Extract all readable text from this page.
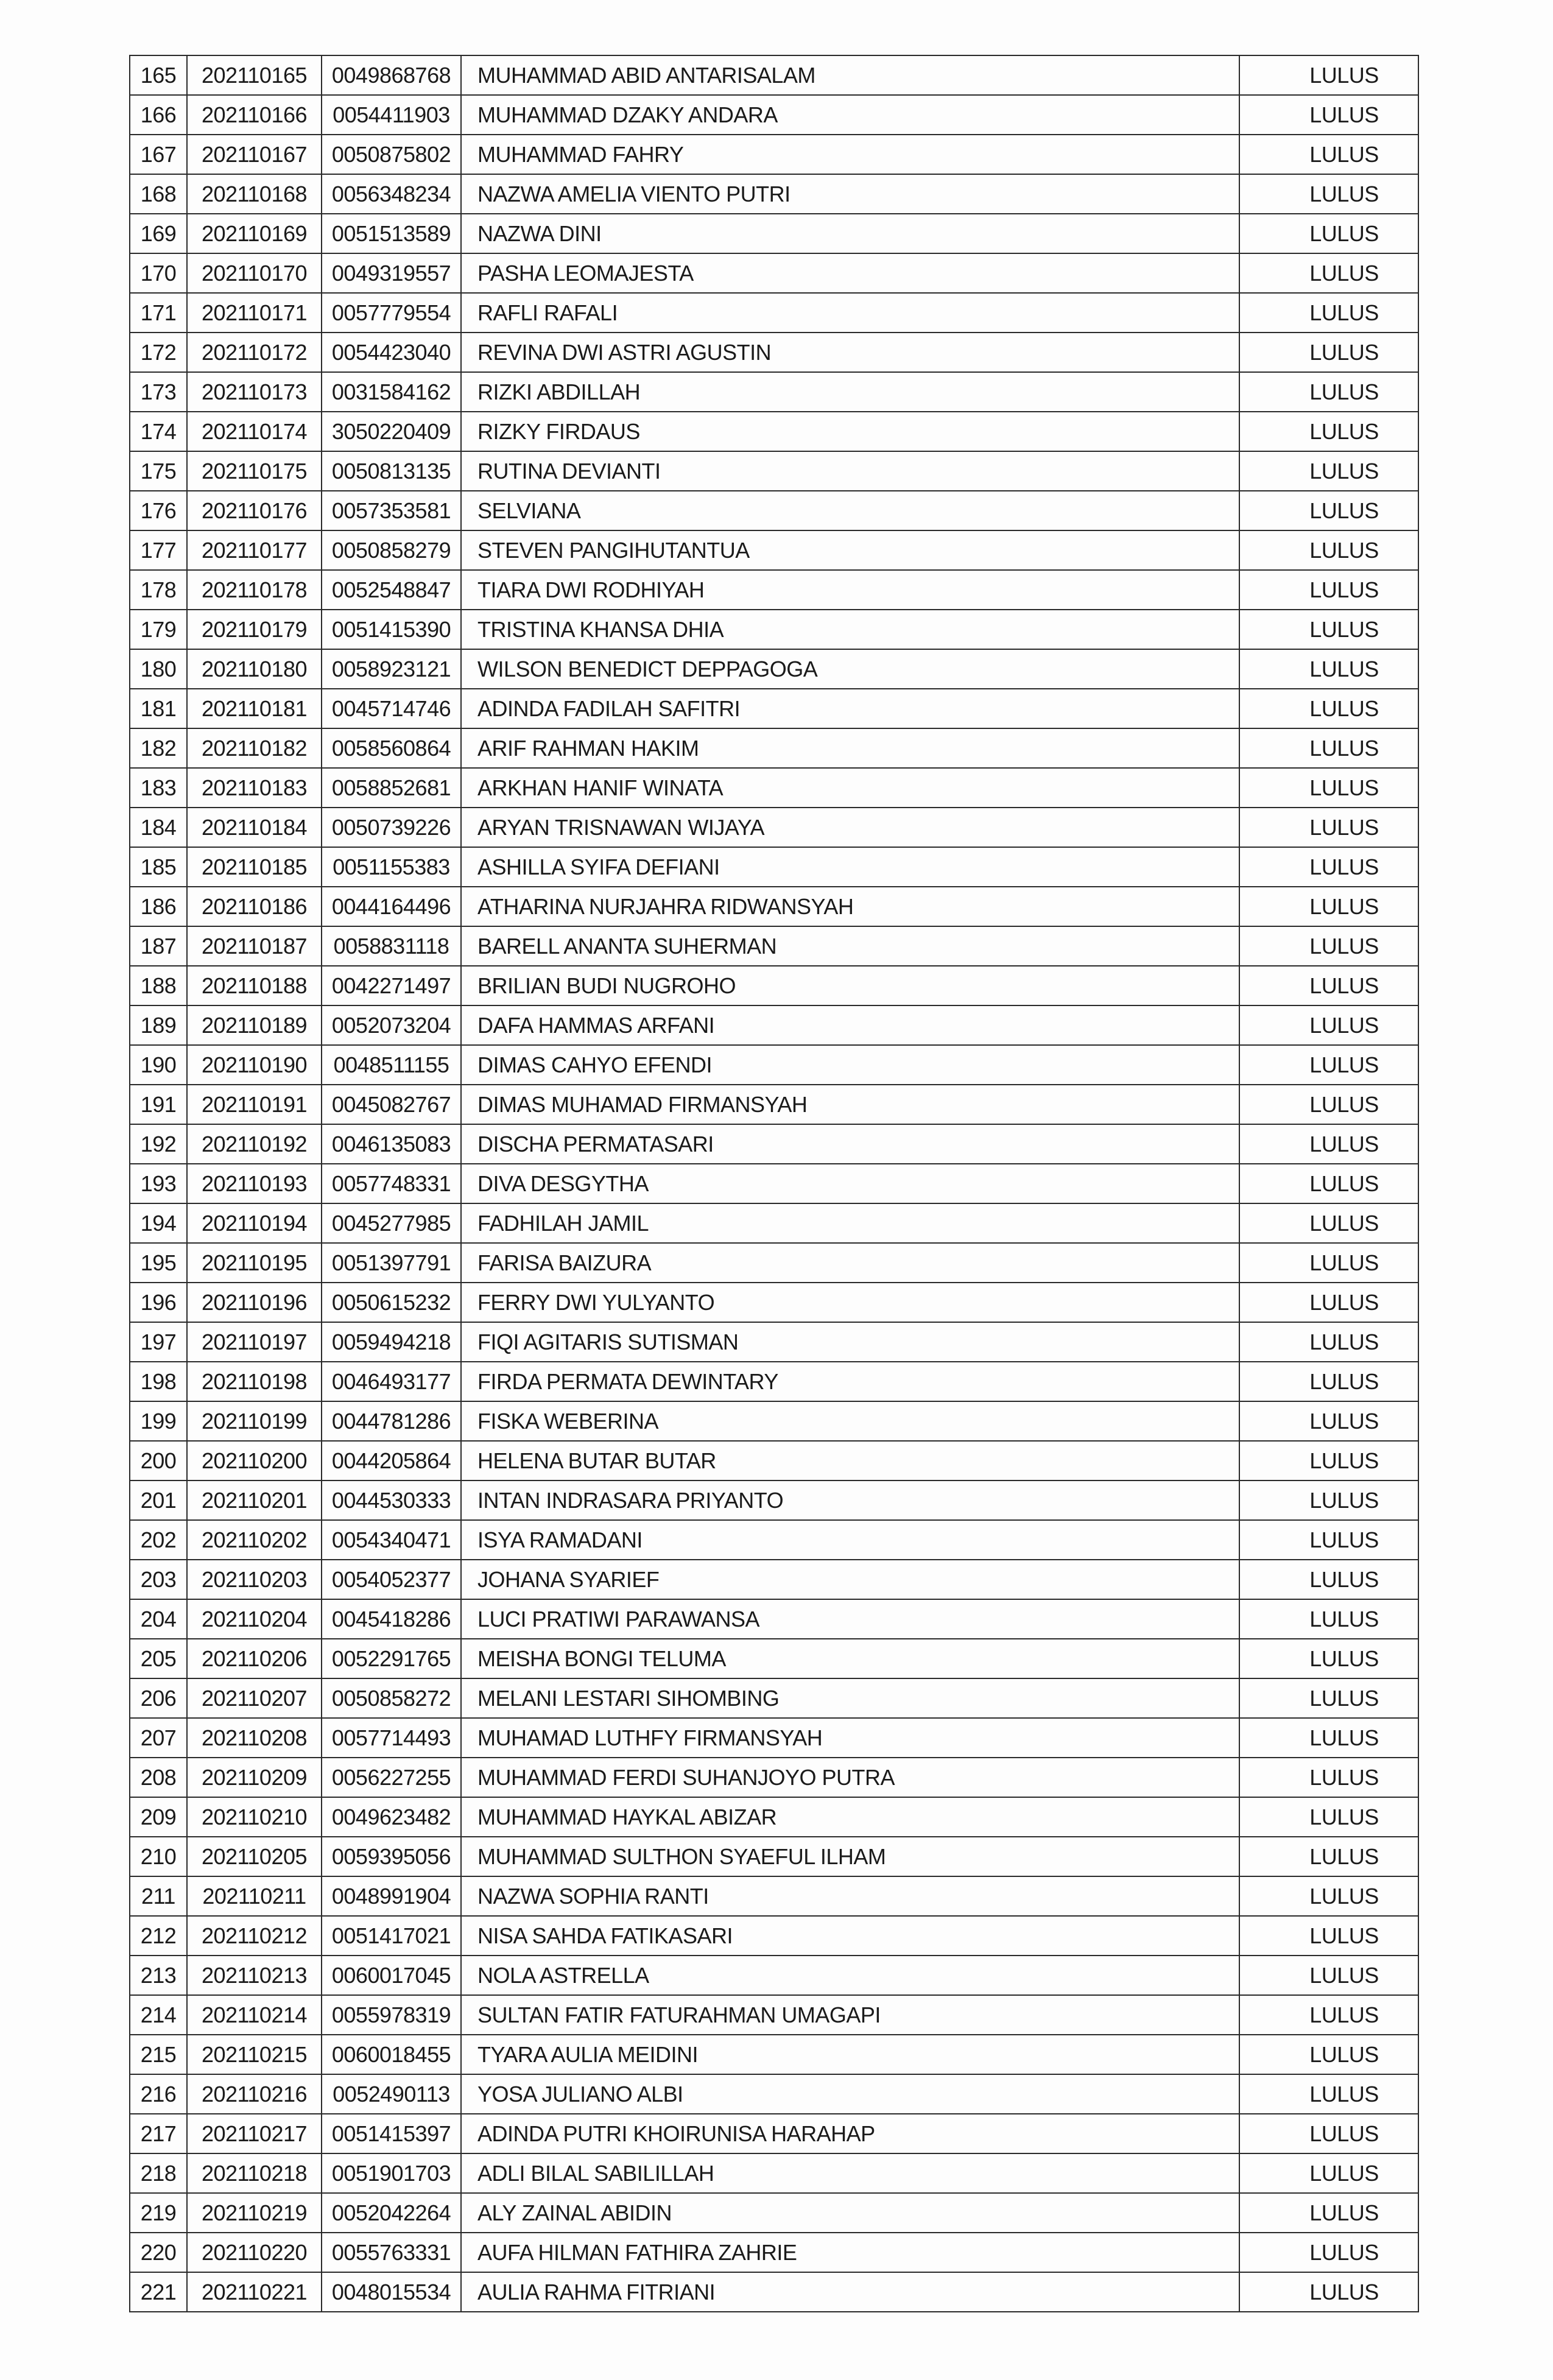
165	202110165	0049868768	MUHAMMAD ABID ANTARISALAM	LULUS
166	202110166	0054411903	MUHAMMAD DZAKY ANDARA	LULUS
167	202110167	0050875802	MUHAMMAD FAHRY	LULUS
168	202110168	0056348234	NAZWA AMELIA VIENTO PUTRI	LULUS
169	202110169	0051513589	NAZWA DINI	LULUS
170	202110170	0049319557	PASHA LEOMAJESTA	LULUS
171	202110171	0057779554	RAFLI RAFALI	LULUS
172	202110172	0054423040	REVINA DWI ASTRI AGUSTIN	LULUS
173	202110173	0031584162	RIZKI ABDILLAH	LULUS
174	202110174	3050220409	RIZKY FIRDAUS	LULUS
175	202110175	0050813135	RUTINA DEVIANTI	LULUS
176	202110176	0057353581	SELVIANA	LULUS
177	202110177	0050858279	STEVEN PANGIHUTANTUA	LULUS
178	202110178	0052548847	TIARA DWI RODHIYAH	LULUS
179	202110179	0051415390	TRISTINA KHANSA DHIA	LULUS
180	202110180	0058923121	WILSON BENEDICT DEPPAGOGA	LULUS
181	202110181	0045714746	ADINDA FADILAH SAFITRI	LULUS
182	202110182	0058560864	ARIF RAHMAN HAKIM	LULUS
183	202110183	0058852681	ARKHAN HANIF WINATA	LULUS
184	202110184	0050739226	ARYAN TRISNAWAN WIJAYA	LULUS
185	202110185	0051155383	ASHILLA SYIFA DEFIANI	LULUS
186	202110186	0044164496	ATHARINA NURJAHRA RIDWANSYAH	LULUS
187	202110187	0058831118	BARELL ANANTA SUHERMAN	LULUS
188	202110188	0042271497	BRILIAN BUDI NUGROHO	LULUS
189	202110189	0052073204	DAFA HAMMAS ARFANI	LULUS
190	202110190	0048511155	DIMAS CAHYO EFENDI	LULUS
191	202110191	0045082767	DIMAS MUHAMAD FIRMANSYAH	LULUS
192	202110192	0046135083	DISCHA PERMATASARI	LULUS
193	202110193	0057748331	DIVA DESGYTHA	LULUS
194	202110194	0045277985	FADHILAH JAMIL	LULUS
195	202110195	0051397791	FARISA BAIZURA	LULUS
196	202110196	0050615232	FERRY DWI YULYANTO	LULUS
197	202110197	0059494218	FIQI AGITARIS SUTISMAN	LULUS
198	202110198	0046493177	FIRDA PERMATA DEWINTARY	LULUS
199	202110199	0044781286	FISKA WEBERINA	LULUS
200	202110200	0044205864	HELENA BUTAR BUTAR	LULUS
201	202110201	0044530333	INTAN INDRASARA PRIYANTO	LULUS
202	202110202	0054340471	ISYA RAMADANI	LULUS
203	202110203	0054052377	JOHANA SYARIEF	LULUS
204	202110204	0045418286	LUCI PRATIWI PARAWANSA	LULUS
205	202110206	0052291765	MEISHA BONGI TELUMA	LULUS
206	202110207	0050858272	MELANI LESTARI SIHOMBING	LULUS
207	202110208	0057714493	MUHAMAD LUTHFY FIRMANSYAH	LULUS
208	202110209	0056227255	MUHAMMAD FERDI SUHANJOYO PUTRA	LULUS
209	202110210	0049623482	MUHAMMAD HAYKAL ABIZAR	LULUS
210	202110205	0059395056	MUHAMMAD SULTHON SYAEFUL ILHAM	LULUS
211	202110211	0048991904	NAZWA SOPHIA RANTI	LULUS
212	202110212	0051417021	NISA SAHDA FATIKASARI	LULUS
213	202110213	0060017045	NOLA ASTRELLA	LULUS
214	202110214	0055978319	SULTAN FATIR FATURAHMAN UMAGAPI	LULUS
215	202110215	0060018455	TYARA AULIA MEIDINI	LULUS
216	202110216	0052490113	YOSA JULIANO ALBI	LULUS
217	202110217	0051415397	ADINDA PUTRI KHOIRUNISA HARAHAP	LULUS
218	202110218	0051901703	ADLI BILAL SABILILLAH	LULUS
219	202110219	0052042264	ALY ZAINAL ABIDIN	LULUS
220	202110220	0055763331	AUFA HILMAN FATHIRA ZAHRIE	LULUS
221	202110221	0048015534	AULIA RAHMA FITRIANI	LULUS
